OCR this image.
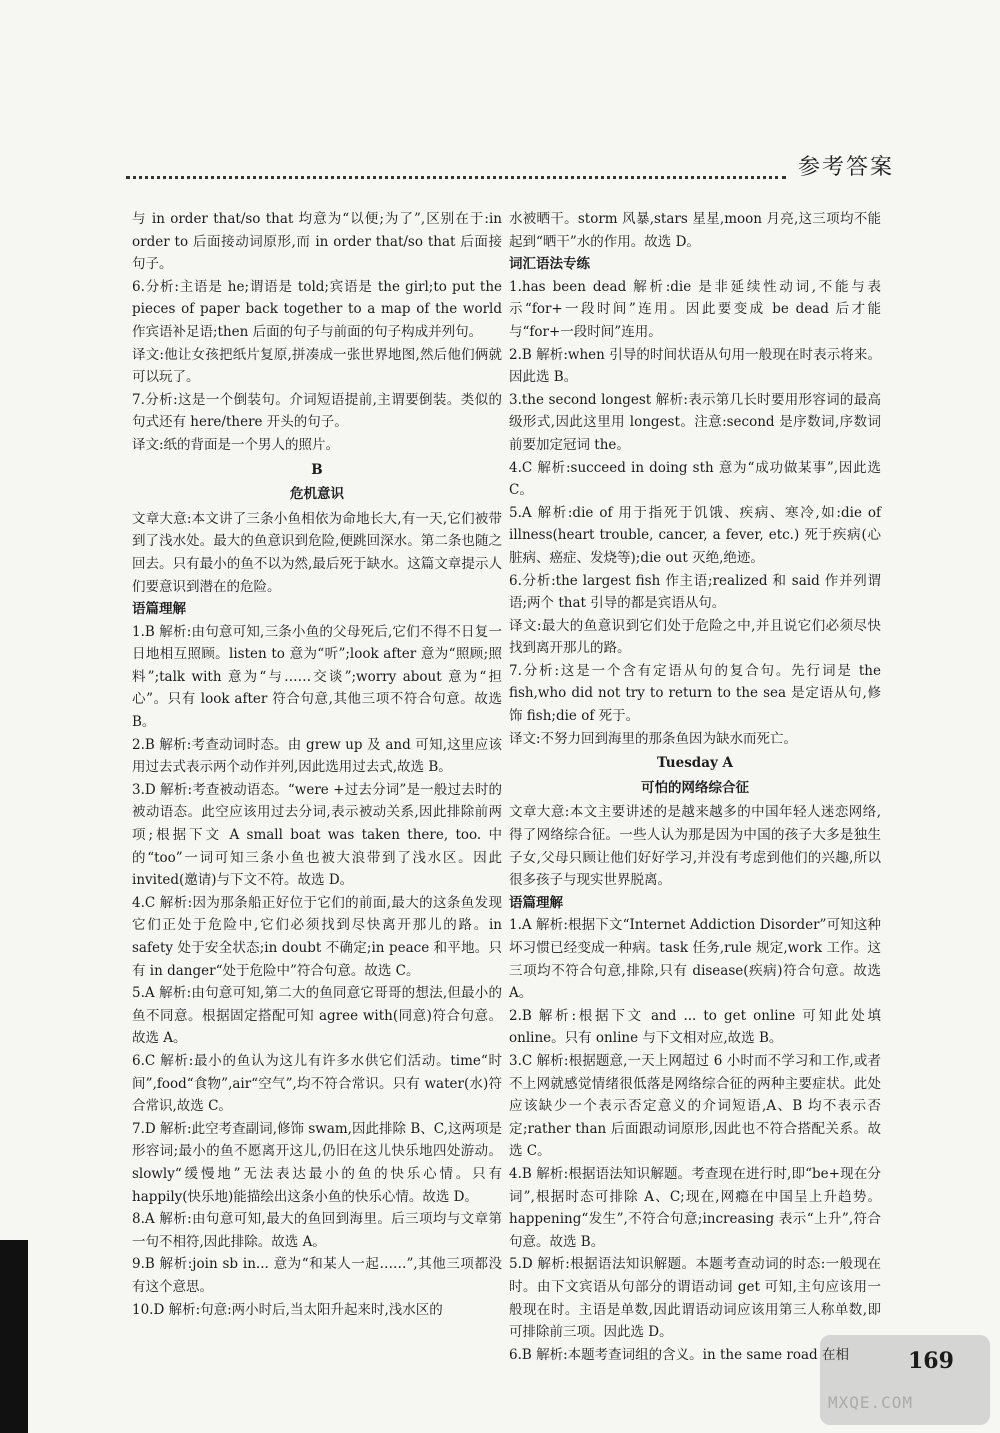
参考答案

与 in order that/so that 均意为“以便;为了”,区别在于:in order to 后面接动词原形,而 in order that/so that 后面接句子。

6.分析:主语是 he;谓语是 told;宾语是 the girl;to put the pieces of paper back together to a map of the world 作宾语补足语;then 后面的句子与前面的句子构成并列句。

译文:他让女孩把纸片复原,拼凑成一张世界地图,然后他们俩就可以玩了。

7.分析:这是一个倒装句。介词短语提前,主谓要倒装。类似的句式还有 here/there 开头的句子。

译文:纸的背面是一个男人的照片。

B

危机意识

文章大意:本文讲了三条小鱼相依为命地长大,有一天,它们被带到了浅水处。最大的鱼意识到危险,便跳回深水。第二条也随之回去。只有最小的鱼不以为然,最后死于缺水。这篇文章提示人们要意识到潜在的危险。

语篇理解

1.B 解析:由句意可知,三条小鱼的父母死后,它们不得不日复一日地相互照顾。listen to 意为“听”;look after 意为“照顾;照料”;talk with 意为“与……交谈”;worry about 意为“担心”。只有 look after 符合句意,其他三项不符合句意。故选 B。

2.B 解析:考查动词时态。由 grew up 及 and 可知,这里应该用过去式表示两个动作并列,因此选用过去式,故选 B。

3.D 解析:考查被动语态。“were +过去分词”是一般过去时的被动语态。此空应该用过去分词,表示被动关系,因此排除前两项;根据下文 A small boat was taken there, too. 中的“too”一词可知三条小鱼也被大浪带到了浅水区。因此 invited(邀请)与下文不符。故选 D。

4.C 解析:因为那条船正好位于它们的前面,最大的这条鱼发现它们正处于危险中,它们必须找到尽快离开那儿的路。in safety 处于安全状态;in doubt 不确定;in peace 和平地。只有 in danger“处于危险中”符合句意。故选 C。

5.A 解析:由句意可知,第二大的鱼同意它哥哥的想法,但最小的鱼不同意。根据固定搭配可知 agree with(同意)符合句意。故选 A。

6.C 解析:最小的鱼认为这儿有许多水供它们活动。time“时间”,food“食物”,air“空气”,均不符合常识。只有 water(水)符合常识,故选 C。

7.D 解析:此空考查副词,修饰 swam,因此排除 B、C,这两项是形容词;最小的鱼不愿离开这儿,仍旧在这儿快乐地四处游动。slowly“缓慢地”无法表达最小的鱼的快乐心情。只有 happily(快乐地)能描绘出这条小鱼的快乐心情。故选 D。

8.A 解析:由句意可知,最大的鱼回到海里。后三项均与文章第一句不相符,因此排除。故选 A。

9.B 解析:join sb in... 意为“和某人一起……”,其他三项都没有这个意思。

10.D 解析:句意:两小时后,当太阳升起来时,浅水区的

水被晒干。storm 风暴,stars 星星,moon 月亮,这三项均不能起到“晒干”水的作用。故选 D。

词汇语法专练

1.has been dead 解析:die 是非延续性动词,不能与表示“for+一段时间”连用。因此要变成 be dead 后才能与“for+一段时间”连用。

2.B 解析:when 引导的时间状语从句用一般现在时表示将来。因此选 B。

3.the second longest 解析:表示第几长时要用形容词的最高级形式,因此这里用 longest。注意:second 是序数词,序数词前要加定冠词 the。

4.C 解析:succeed in doing sth 意为“成功做某事”,因此选 C。

5.A 解析:die of 用于指死于饥饿、疾病、寒冷,如:die of illness(heart trouble, cancer, a fever, etc.) 死于疾病(心脏病、癌症、发烧等);die out 灭绝,绝迹。

6.分析:the largest fish 作主语;realized 和 said 作并列谓语;两个 that 引导的都是宾语从句。

译文:最大的鱼意识到它们处于危险之中,并且说它们必须尽快找到离开那儿的路。

7.分析:这是一个含有定语从句的复合句。先行词是 the fish,who did not try to return to the sea 是定语从句,修饰 fish;die of 死于。

译文:不努力回到海里的那条鱼因为缺水而死亡。

Tuesday A

可怕的网络综合征

文章大意:本文主要讲述的是越来越多的中国年轻人迷恋网络,得了网络综合征。一些人认为那是因为中国的孩子大多是独生子女,父母只顾让他们好好学习,并没有考虑到他们的兴趣,所以很多孩子与现实世界脱离。

语篇理解

1.A 解析:根据下文“Internet Addiction Disorder”可知这种坏习惯已经变成一种病。task 任务,rule 规定,work 工作。这三项均不符合句意,排除,只有 disease(疾病)符合句意。故选 A。

2.B 解析:根据下文 and ... to get online 可知此处填 online。只有 online 与下文相对应,故选 B。

3.C 解析:根据题意,一天上网超过 6 小时而不学习和工作,或者不上网就感觉情绪很低落是网络综合征的两种主要症状。此处应该缺少一个表示否定意义的介词短语,A、B 均不表示否定;rather than 后面跟动词原形,因此也不符合搭配关系。故选 C。

4.B 解析:根据语法知识解题。考查现在进行时,即“be+现在分词”,根据时态可排除 A、C;现在,网瘾在中国呈上升趋势。happening“发生”,不符合句意;increasing 表示“上升”,符合句意。故选 B。

5.D 解析:根据语法知识解题。本题考查动词的时态:一般现在时。由下文宾语从句部分的谓语动词 get 可知,主句应该用一般现在时。主语是单数,因此谓语动词应该用第三人称单数,即可排除前三项。因此选 D。

6.B 解析:本题考查词组的含义。in the same road 在相

MXQE.COM
169
